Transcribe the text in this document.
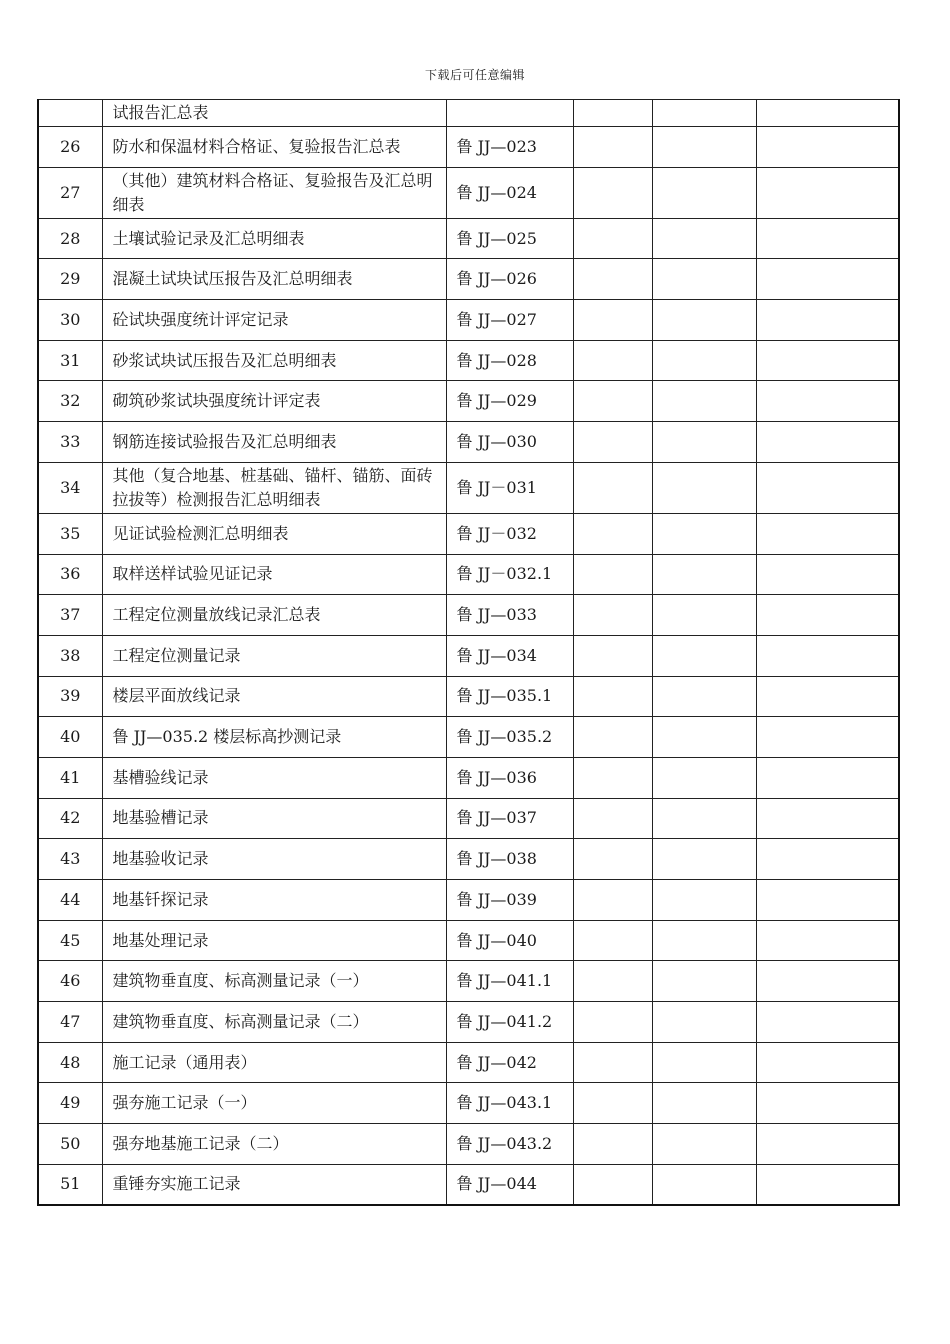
下载后可任意编辑
	试报告汇总表				
26	防水和保温材料合格证、复验报告汇总表	鲁 JJ—023			
27	（其他）建筑材料合格证、复验报告及汇总明细表	鲁 JJ—024			
28	土壤试验记录及汇总明细表	鲁 JJ—025			
29	混凝土试块试压报告及汇总明细表	鲁 JJ—026			
30	砼试块强度统计评定记录	鲁 JJ—027			
31	砂浆试块试压报告及汇总明细表	鲁 JJ—028			
32	砌筑砂浆试块强度统计评定表	鲁 JJ—029			
33	钢筋连接试验报告及汇总明细表	鲁 JJ—030			
34	其他（复合地基、桩基础、锚杆、锚筋、面砖拉拔等）检测报告汇总明细表	鲁 JJ－031			
35	见证试验检测汇总明细表	鲁 JJ－032			
36	取样送样试验见证记录	鲁 JJ－032.1			
37	工程定位测量放线记录汇总表	鲁 JJ—033			
38	工程定位测量记录	鲁 JJ—034			
39	楼层平面放线记录	鲁 JJ—035.1			
40	鲁 JJ—035.2 楼层标高抄测记录	鲁 JJ—035.2			
41	基槽验线记录	鲁 JJ—036			
42	地基验槽记录	鲁 JJ—037			
43	地基验收记录	鲁 JJ—038			
44	地基钎探记录	鲁 JJ—039			
45	地基处理记录	鲁 JJ—040			
46	建筑物垂直度、标高测量记录（一）	鲁 JJ—041.1			
47	建筑物垂直度、标高测量记录（二）	鲁 JJ—041.2			
48	施工记录（通用表）	鲁 JJ—042			
49	强夯施工记录（一）	鲁 JJ—043.1			
50	强夯地基施工记录（二）	鲁 JJ—043.2			
51	重锤夯实施工记录	鲁 JJ—044			
